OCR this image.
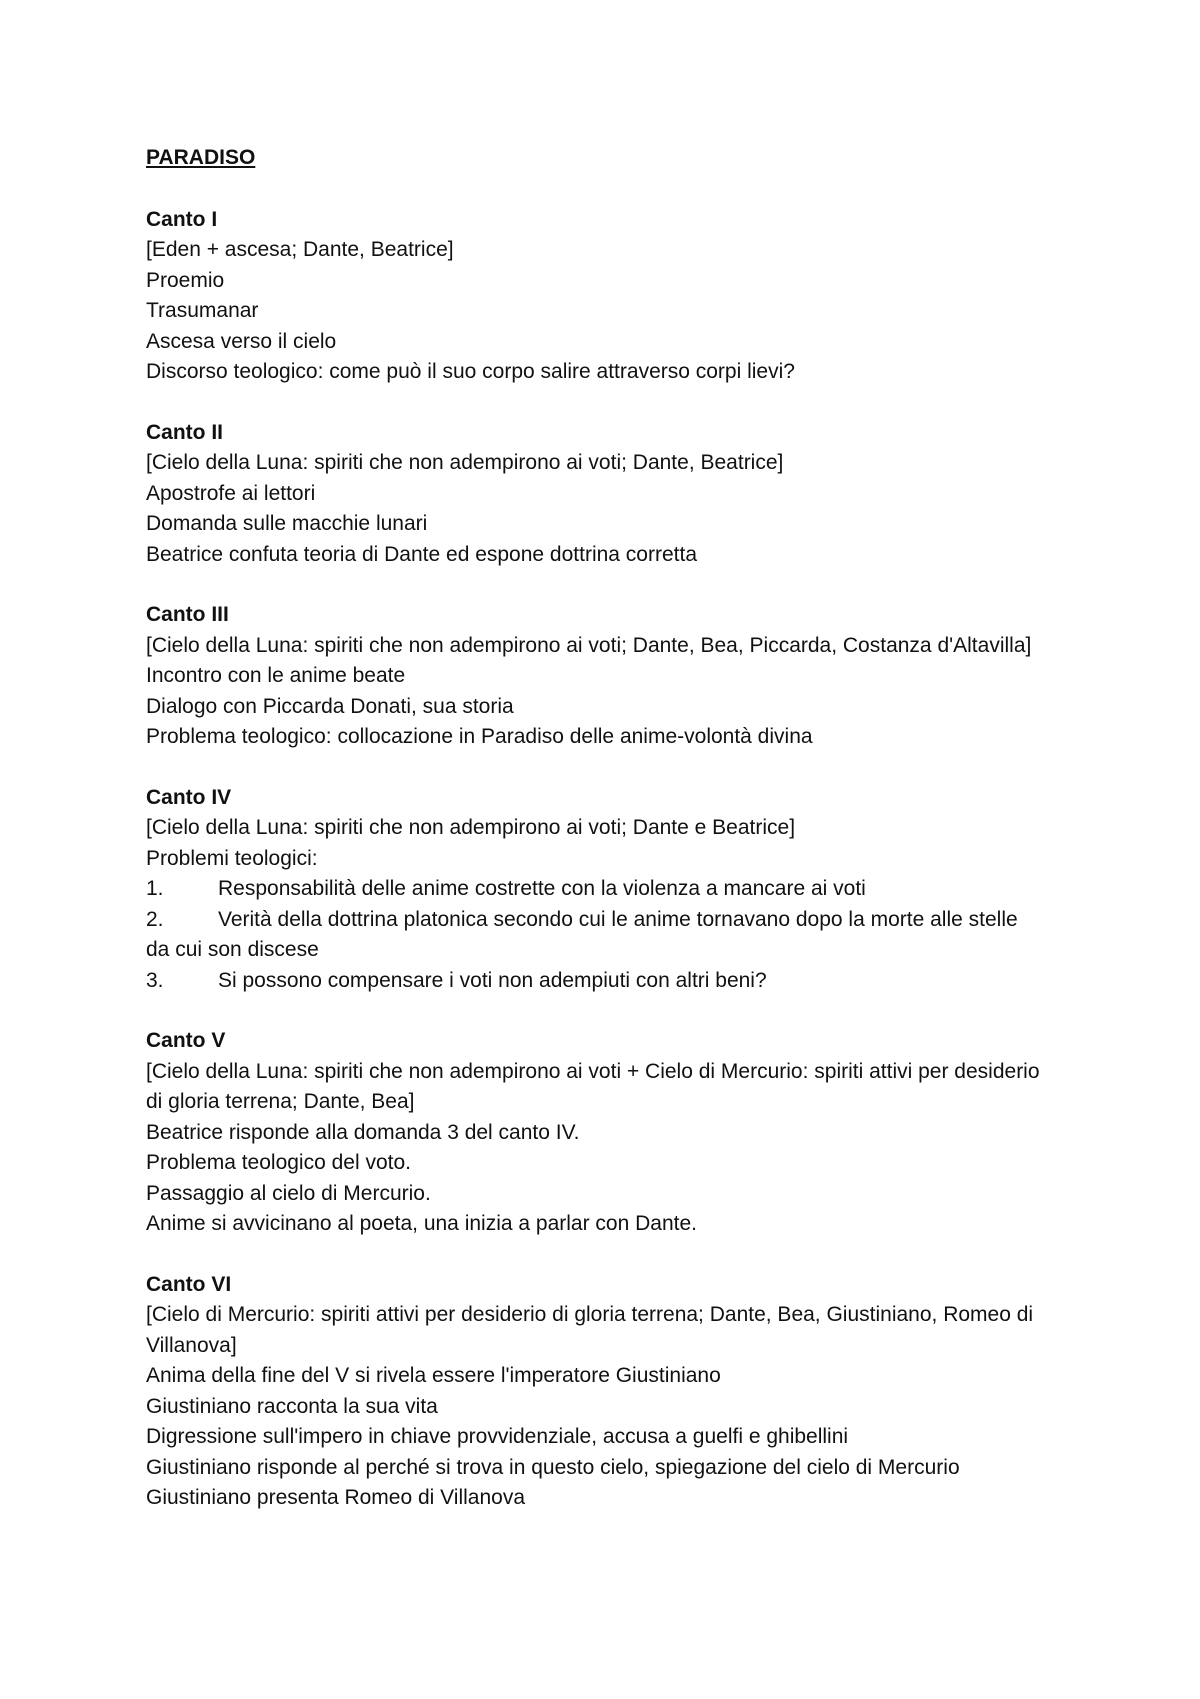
PARADISO
Canto I
[Eden + ascesa; Dante, Beatrice]
Proemio
Trasumanar
Ascesa verso il cielo
Discorso teologico: come può il suo corpo salire attraverso corpi lievi?
Canto II
[Cielo della Luna: spiriti che non adempirono ai voti; Dante, Beatrice]
Apostrofe ai lettori
Domanda sulle macchie lunari
Beatrice confuta teoria di Dante ed espone dottrina corretta
Canto III
[Cielo della Luna: spiriti che non adempirono ai voti; Dante, Bea, Piccarda, Costanza d'Altavilla]
Incontro con le anime beate
Dialogo con Piccarda Donati, sua storia
Problema teologico: collocazione in Paradiso delle anime-volontà divina
Canto IV
[Cielo della Luna: spiriti che non adempirono ai voti; Dante e Beatrice]
Problemi teologici:
1.	Responsabilità delle anime costrette con la violenza a mancare ai voti
2.	Verità della dottrina platonica secondo cui le anime tornavano dopo la morte alle stelle da cui son discese
3.	Si possono compensare i voti non adempiuti con altri beni?
Canto V
[Cielo della Luna: spiriti che non adempirono ai voti + Cielo di Mercurio: spiriti attivi per desiderio di gloria terrena; Dante, Bea]
Beatrice risponde alla domanda 3 del canto IV.
Problema teologico del voto.
Passaggio al cielo di Mercurio.
Anime si avvicinano al poeta, una inizia a parlar con Dante.
Canto VI
[Cielo di Mercurio: spiriti attivi per desiderio di gloria terrena; Dante, Bea, Giustiniano, Romeo di Villanova]
Anima della fine del V si rivela essere l'imperatore Giustiniano
Giustiniano racconta la sua vita
Digressione sull'impero in chiave provvidenziale, accusa a guelfi e ghibellini
Giustiniano risponde al perché si trova in questo cielo, spiegazione del cielo di Mercurio
Giustiniano presenta Romeo di Villanova
